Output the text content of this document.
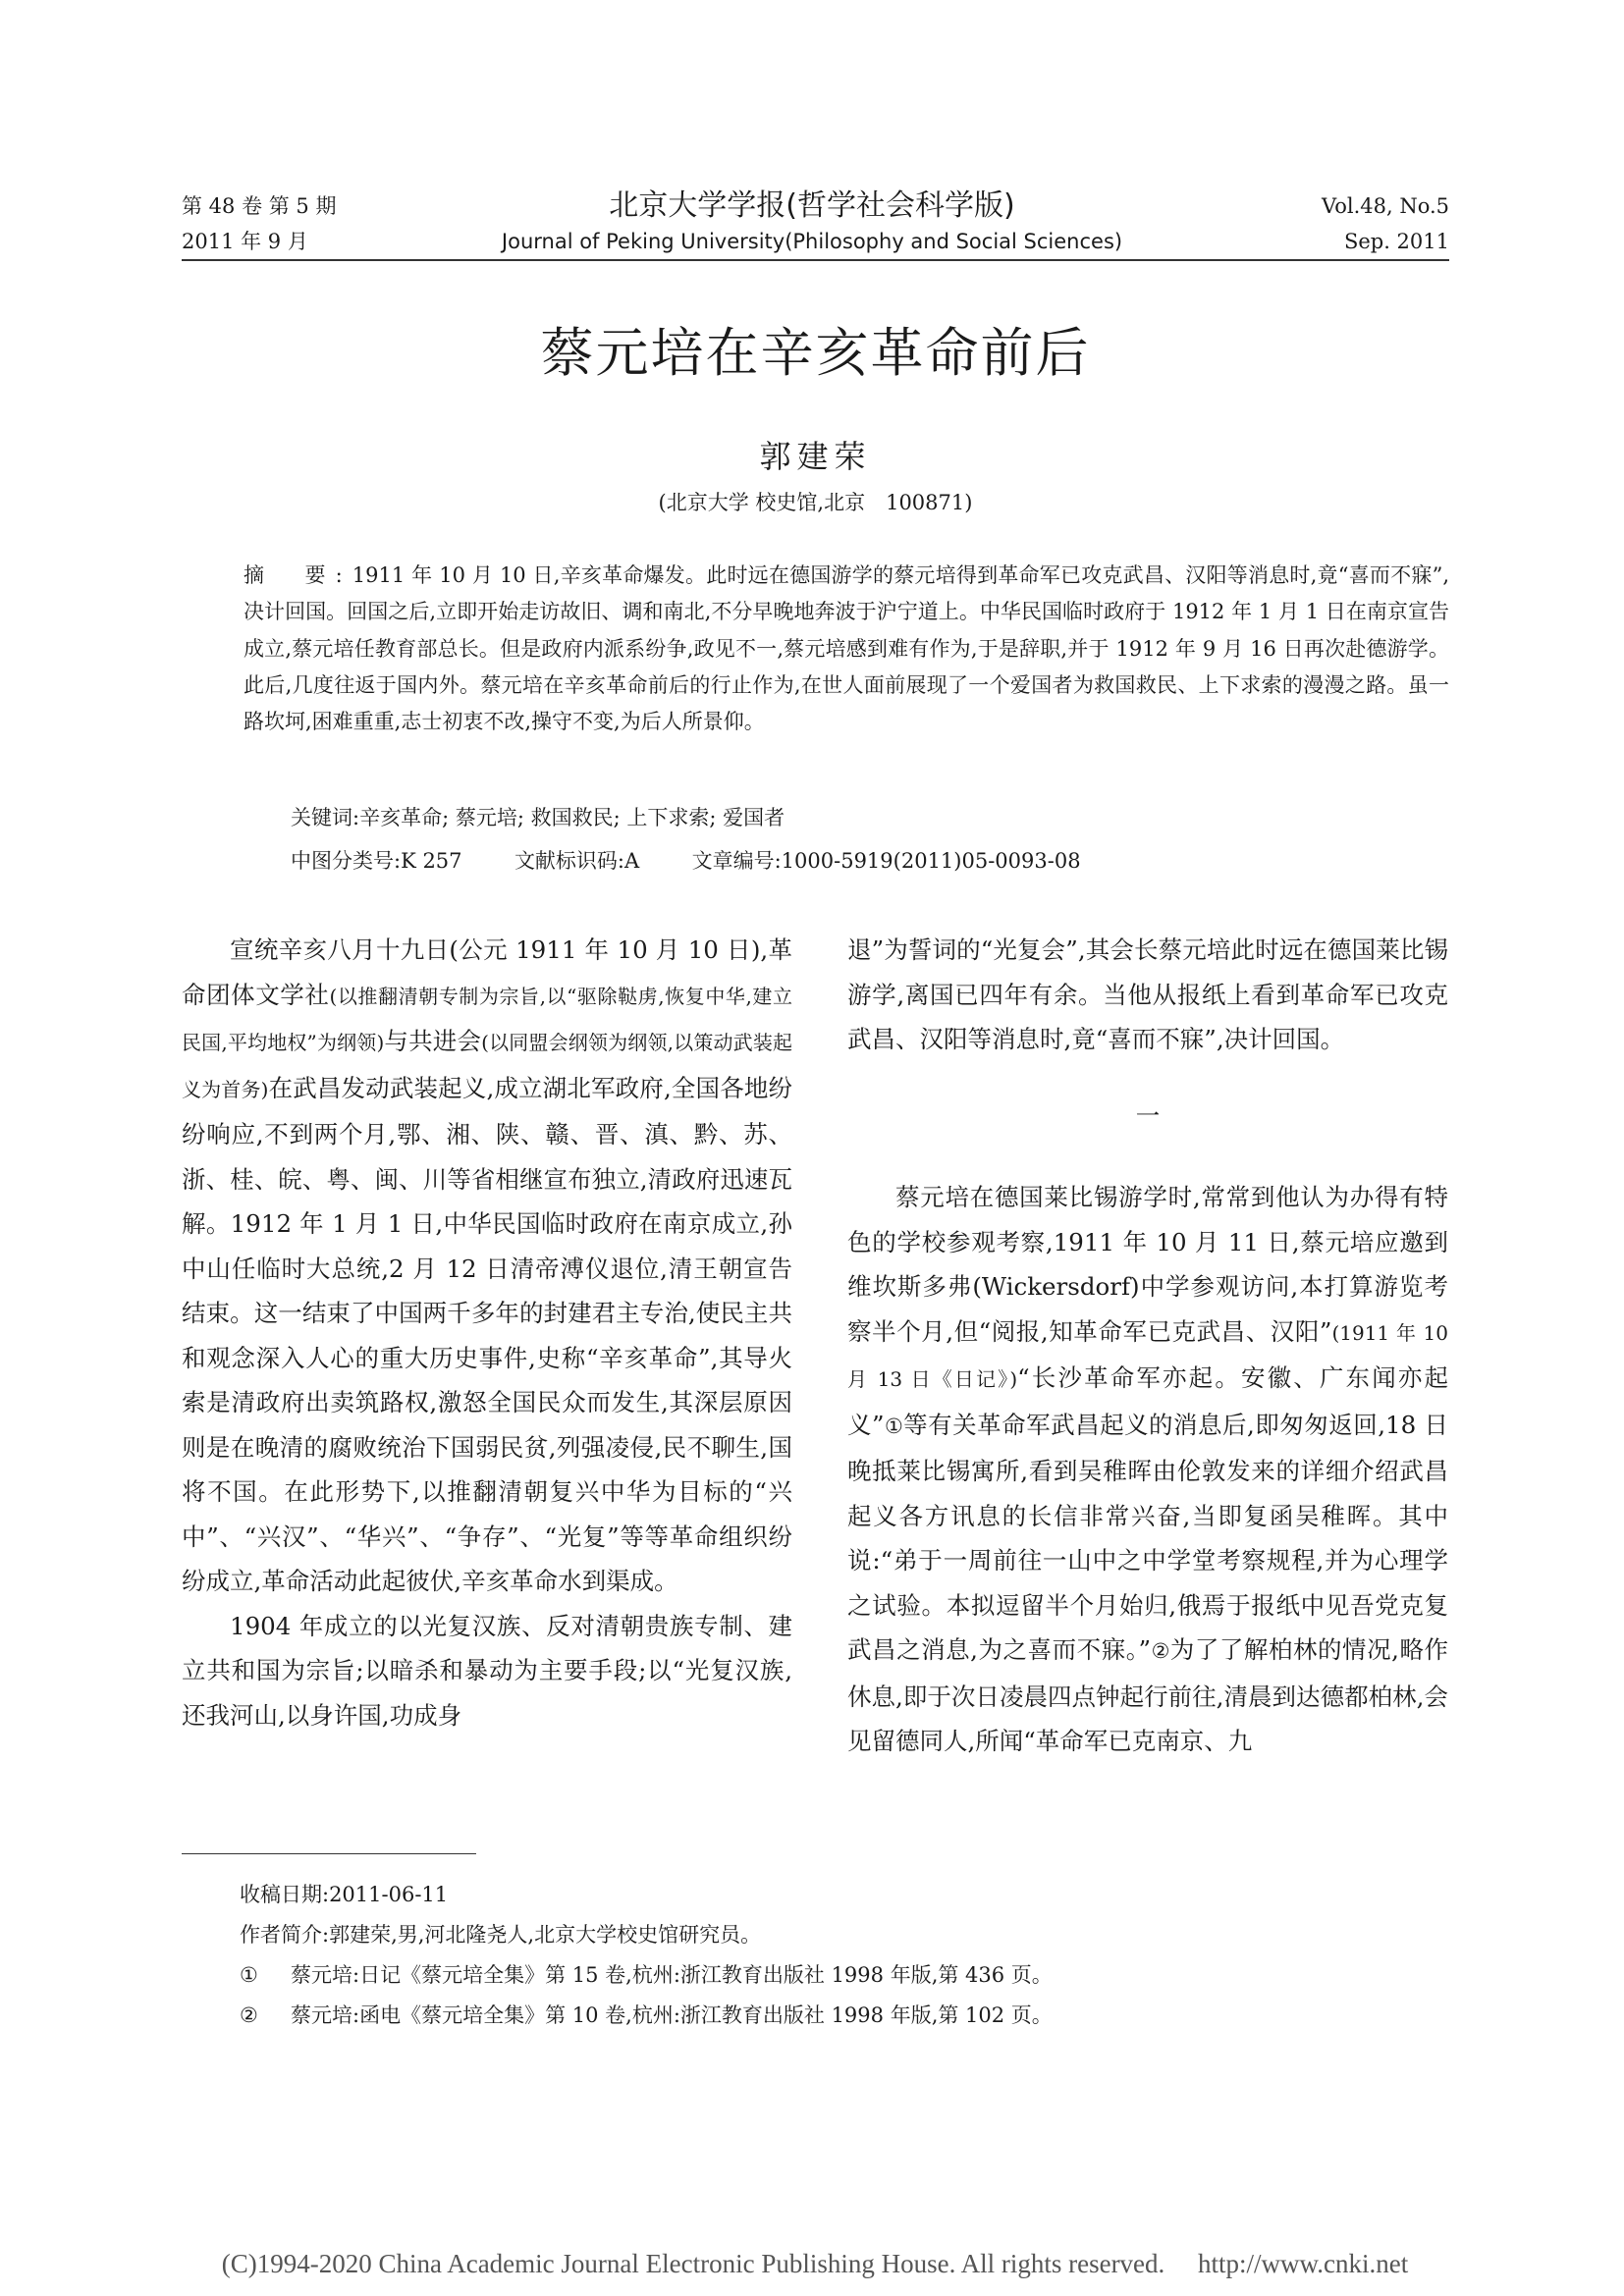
第 48 卷 第 5 期
2011 年 9 月
北京大学学报(哲学社会科学版)
Journal of Peking University(Philosophy and Social Sciences)
Vol.48, No.5
Sep. 2011
蔡元培在辛亥革命前后
郭建荣
(北京大学 校史馆,北京　100871)
摘　要:1911 年 10 月 10 日,辛亥革命爆发。此时远在德国游学的蔡元培得到革命军已攻克武昌、汉阳等消息时,竟“喜而不寐”,决计回国。回国之后,立即开始走访故旧、调和南北,不分早晚地奔波于沪宁道上。中华民国临时政府于 1912 年 1 月 1 日在南京宣告成立,蔡元培任教育部总长。但是政府内派系纷争,政见不一,蔡元培感到难有作为,于是辞职,并于 1912 年 9 月 16 日再次赴德游学。此后,几度往返于国内外。蔡元培在辛亥革命前后的行止作为,在世人面前展现了一个爱国者为救国救民、上下求索的漫漫之路。虽一路坎坷,困难重重,志士初衷不改,操守不变,为后人所景仰。
关键词:辛亥革命; 蔡元培; 救国救民; 上下求索; 爱国者
中图分类号:K 257	文献标识码:A	文章编号:1000-5919(2011)05-0093-08

宣统辛亥八月十九日(公元 1911 年 10 月 10 日),革命团体文学社(以推翻清朝专制为宗旨,以“驱除鞑虏,恢复中华,建立民国,平均地权”为纲领)与共进会(以同盟会纲领为纲领,以策动武装起义为首务)在武昌发动武装起义,成立湖北军政府,全国各地纷纷响应,不到两个月,鄂、湘、陕、赣、晋、滇、黔、苏、浙、桂、皖、粤、闽、川等省相继宣布独立,清政府迅速瓦解。1912 年 1 月 1 日,中华民国临时政府在南京成立,孙中山任临时大总统,2 月 12 日清帝溥仪退位,清王朝宣告结束。这一结束了中国两千多年的封建君主专治,使民主共和观念深入人心的重大历史事件,史称“辛亥革命”,其导火索是清政府出卖筑路权,激怒全国民众而发生,其深层原因则是在晚清的腐败统治下国弱民贫,列强凌侵,民不聊生,国将不国。在此形势下,以推翻清朝复兴中华为目标的“兴中”、“兴汉”、“华兴”、“争存”、“光复”等等革命组织纷纷成立,革命活动此起彼伏,辛亥革命水到渠成。

1904 年成立的以光复汉族、反对清朝贵族专制、建立共和国为宗旨;以暗杀和暴动为主要手段;以“光复汉族,还我河山,以身许国,功成身

退”为誓词的“光复会”,其会长蔡元培此时远在德国莱比锡游学,离国已四年有余。当他从报纸上看到革命军已攻克武昌、汉阳等消息时,竟“喜而不寐”,决计回国。

一

蔡元培在德国莱比锡游学时,常常到他认为办得有特色的学校参观考察,1911 年 10 月 11 日,蔡元培应邀到维坎斯多弗(Wickersdorf)中学参观访问,本打算游览考察半个月,但“阅报,知革命军已克武昌、汉阳”(1911 年 10 月 13 日《日记》)“长沙革命军亦起。安徽、广东闻亦起义”①等有关革命军武昌起义的消息后,即匆匆返回,18 日晚抵莱比锡寓所,看到吴稚晖由伦敦发来的详细介绍武昌起义各方讯息的长信非常兴奋,当即复函吴稚晖。其中说:“弟于一周前往一山中之中学堂考察规程,并为心理学之试验。本拟逗留半个月始归,俄焉于报纸中见吾党克复武昌之消息,为之喜而不寐。”②为了了解柏林的情况,略作休息,即于次日凌晨四点钟起行前往,清晨到达德都柏林,会见留德同人,所闻“革命军已克南京、九

收稿日期:2011-06-11
作者简介:郭建荣,男,河北隆尧人,北京大学校史馆研究员。
① 蔡元培:日记《蔡元培全集》第 15 卷,杭州:浙江教育出版社 1998 年版,第 436 页。
② 蔡元培:函电《蔡元培全集》第 10 卷,杭州:浙江教育出版社 1998 年版,第 102 页。
(C)1994-2020 China Academic Journal Electronic Publishing House. All rights reserved.　 http://www.cnki.net
